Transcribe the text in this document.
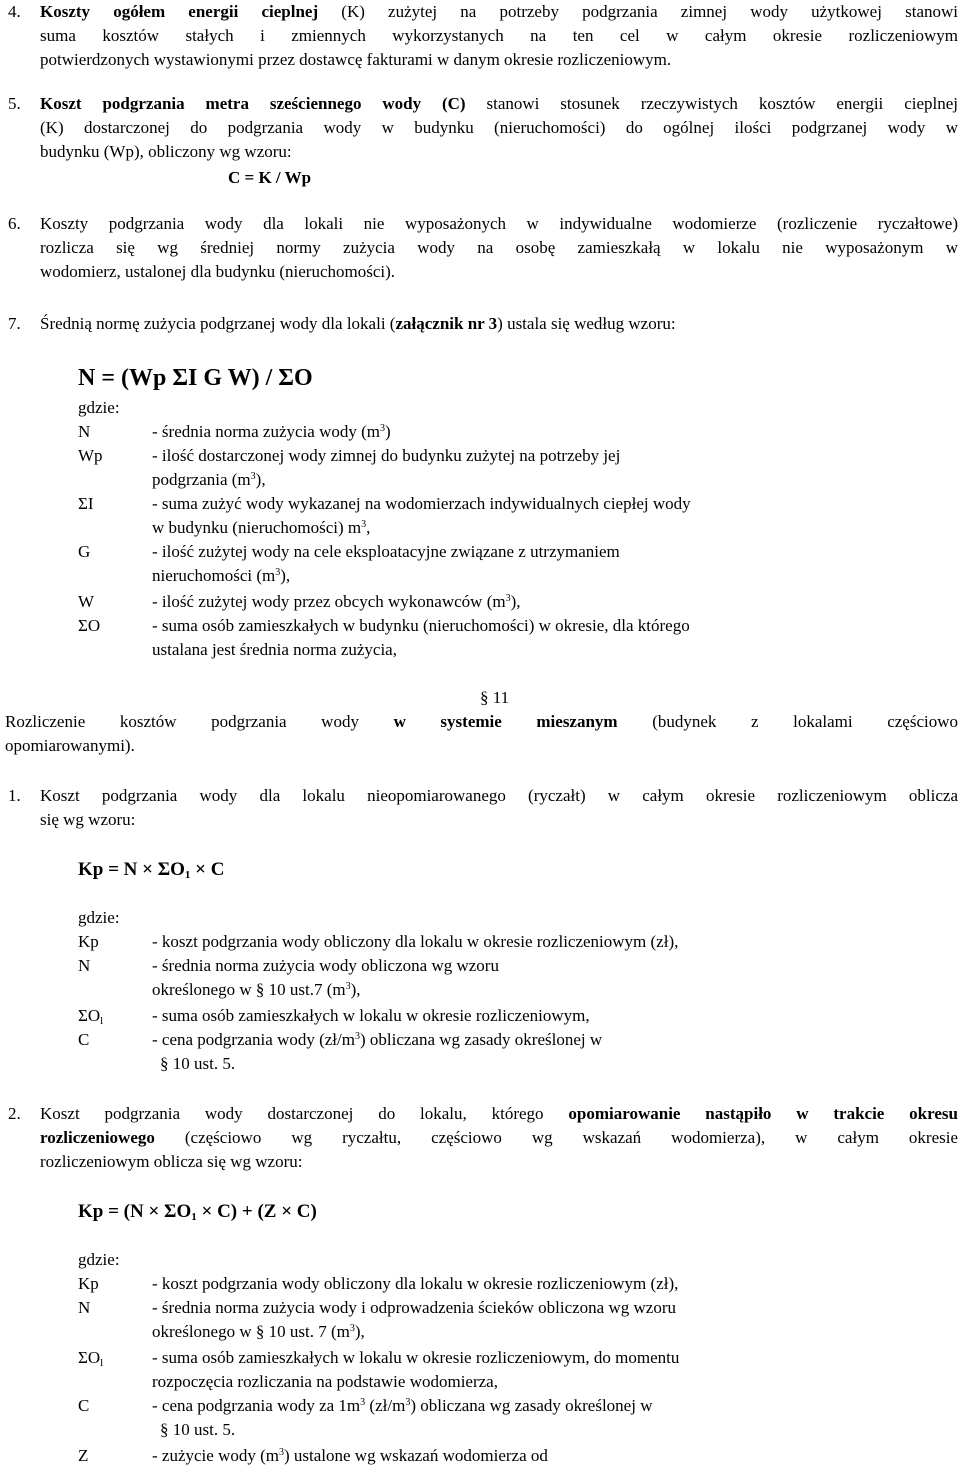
4.	Koszty ogółem energii cieplnej (K) zużytej na potrzeby podgrzania zimnej wody użytkowej stanowi
suma kosztów stałych i zmiennych wykorzystanych na ten cel w całym okresie rozliczeniowym
potwierdzonych wystawionymi przez dostawcę fakturami w danym okresie rozliczeniowym.
5.	Koszt podgrzania metra sześciennego wody (C) stanowi stosunek rzeczywistych kosztów energii cieplnej
(K) dostarczonej do podgrzania wody w budynku (nieruchomości) do ogólnej ilości podgrzanej wody w
budynku (Wp), obliczony wg wzoru:
C = K / Wp
6.	Koszty podgrzania wody dla lokali nie wyposażonych w indywidualne wodomierze (rozliczenie ryczałtowe)
rozlicza się wg średniej normy zużycia wody na osobę zamieszkałą w lokalu nie wyposażonym w
wodomierz, ustalonej dla budynku (nieruchomości).
7.	Średnią normę zużycia podgrzanej wody dla lokali (załącznik nr 3) ustala się według wzoru:
N = (Wp ΣI G W) / ΣO
gdzie:
N	- średnia norma zużycia wody $(m^3)$
Wp	- ilość dostarczonej wody zimnej do budynku zużytej na potrzeby jej
podgrzania $(m^3)$,
ΣI	- suma zużyć wody wykazanej na wodomierzach indywidualnych ciepłej wody
w budynku (nieruchomości) $m^3$,
G	- ilość zużytej wody na cele eksploatacyjne związane z utrzymaniem
nieruchomości $(m^3)$,
W	- ilość zużytej wody przez obcych wykonawców $(m^3)$,
ΣO	- suma osób zamieszkałych w budynku (nieruchomości) w okresie, dla którego
ustalana jest średnia norma zużycia,
§ 11
Rozliczenie kosztów podgrzania wody w systemie mieszanym (budynek z lokalami częściowo
opomiarowanymi).
1.	Koszt podgrzania wody dla lokalu nieopomiarowanego (ryczałt) w całym okresie rozliczeniowym oblicza
się wg wzoru:
$Kp = N \times \Sigma O_1 \times C$
gdzie:
Kp	- koszt podgrzania wody obliczony dla lokalu w okresie rozliczeniowym (zł),
N	- średnia norma zużycia wody obliczona wg wzoru
określonego w § 10 ust.7 $(m^3)$,
$\Sigma O_l$	- suma osób zamieszkałych w lokalu w okresie rozliczeniowym,
C	- cena podgrzania wody $(zł/m^3)$ obliczana wg zasady określonej w
§ 10 ust. 5.
2.	Koszt podgrzania wody dostarczonej do lokalu, którego opomiarowanie nastąpiło w trakcie okresu
rozliczeniowego (częściowo wg ryczałtu, częściowo wg wskazań wodomierza), w całym okresie
rozliczeniowym oblicza się wg wzoru:
$Kp = (N \times \Sigma O_1 \times C) + (Z \times C)$
gdzie:
Kp	- koszt podgrzania wody obliczony dla lokalu w okresie rozliczeniowym (zł),
N	- średnia norma zużycia wody i odprowadzenia ścieków obliczona wg wzoru
określonego w § 10 ust. 7 $(m^3)$,
$\Sigma O_l$	- suma osób zamieszkałych w lokalu w okresie rozliczeniowym, do momentu
rozpoczęcia rozliczania na podstawie wodomierza,
C	- cena podgrzania wody za $1m^3$ $(zł/m^3)$ obliczana wg zasady określonej w
§ 10 ust. 5.
Z	- zużycie wody $(m^3)$ ustalone wg wskazań wodomierza od
